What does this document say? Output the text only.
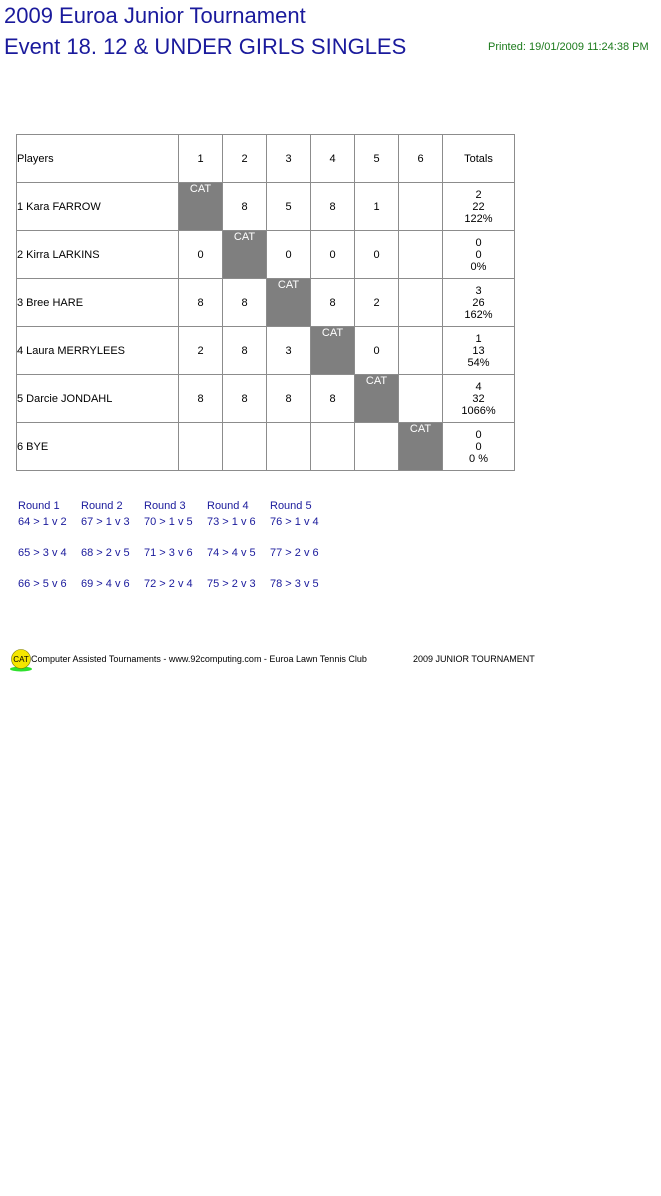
2009 Euroa Junior Tournament
Event 18. 12 & UNDER GIRLS SINGLES	Printed: 19/01/2009 11:24:38 PM
Players	1	2	3	4	5	6	Totals
1 Kara FARROW	CAT	8	5	8	1		2
22
122%

2 Kirra LARKINS	0	CAT	0	0	0		0
0
0%

3 Bree HARE	8	8	CAT	8	2		3
26
162%

4 Laura MERRYLEES	2	8	3	CAT	0		1
13
54%

5 Darcie JONDAHL	8	8	8	8	CAT		4
32
1066%

6 BYE						CAT	0
0
0 %
Round 1
64 > 1 v 2
65 > 3 v 4
66 > 5 v 6
Round 2
67 > 1 v 3
68 > 2 v 5
69 > 4 v 6
Round 3
70 > 1 v 5
71 > 3 v 6
72 > 2 v 4
Round 4
73 > 1 v 6
74 > 4 v 5
75 > 2 v 3
Round 5
76 > 1 v 4
77 > 2 v 6
78 > 3 v 5
CAT Computer Assisted Tournaments - www.92computing.com - Euroa Lawn Tennis Club	2009 JUNIOR TOURNAMENT
